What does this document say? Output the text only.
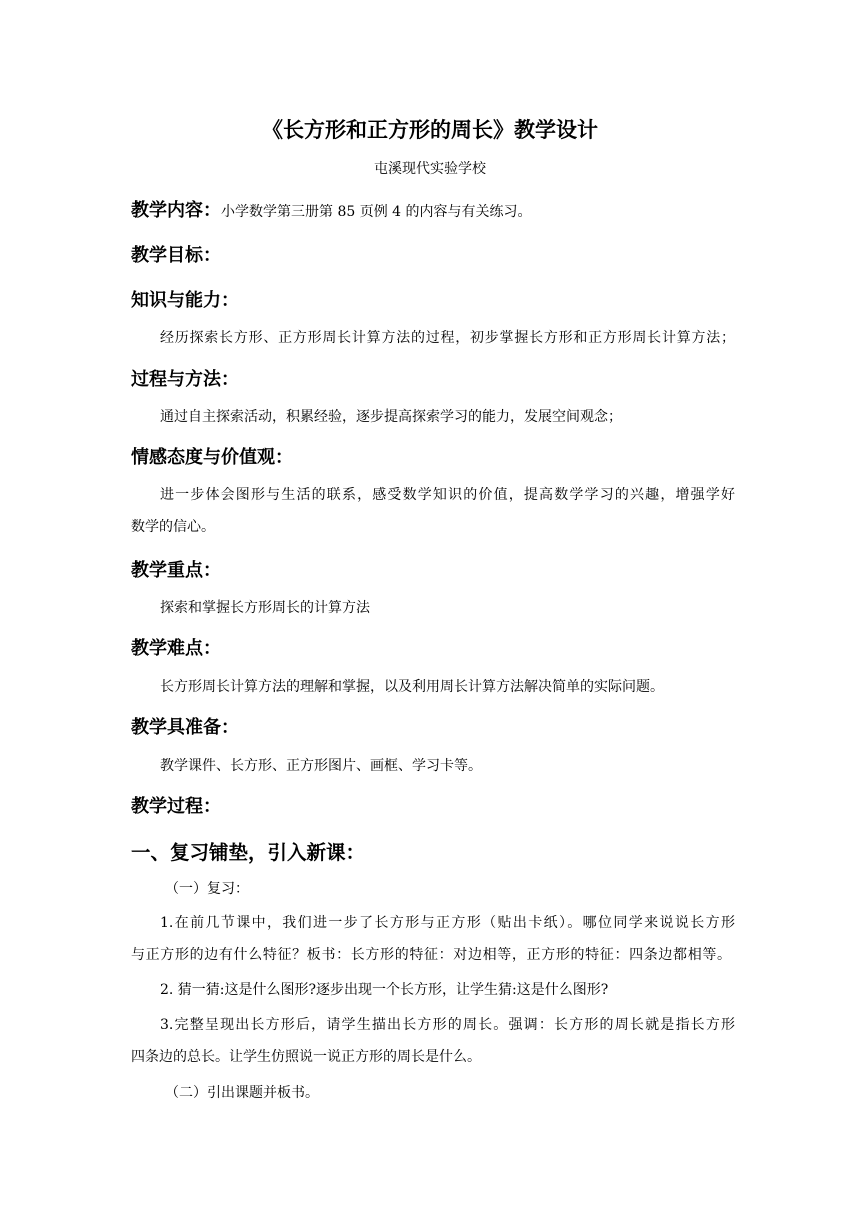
《长方形和正方形的周长》教学设计
屯溪现代实验学校
教学内容：小学数学第三册第 85 页例 4 的内容与有关练习。
教学目标：
知识与能力：
经历探索长方形、正方形周长计算方法的过程，初步掌握长方形和正方形周长计算方法；
过程与方法：
通过自主探索活动，积累经验，逐步提高探索学习的能力，发展空间观念；
情感态度与价值观：
进一步体会图形与生活的联系，感受数学知识的价值，提高数学学习的兴趣，增强学好
数学的信心。
教学重点：
探索和掌握长方形周长的计算方法
教学难点：
长方形周长计算方法的理解和掌握，以及利用周长计算方法解决简单的实际问题。
教学具准备：
教学课件、长方形、正方形图片、画框、学习卡等。
教学过程：
一、复习铺垫，引入新课：
（一）复习：
1.在前几节课中，我们进一步了长方形与正方形（贴出卡纸）。哪位同学来说说长方形
与正方形的边有什么特征？板书：长方形的特征：对边相等，正方形的特征：四条边都相等。
2. 猜一猜:这是什么图形?逐步出现一个长方形，让学生猜:这是什么图形?
3.完整呈现出长方形后，请学生描出长方形的周长。强调：长方形的周长就是指长方形
四条边的总长。让学生仿照说一说正方形的周长是什么。
（二）引出课题并板书。
